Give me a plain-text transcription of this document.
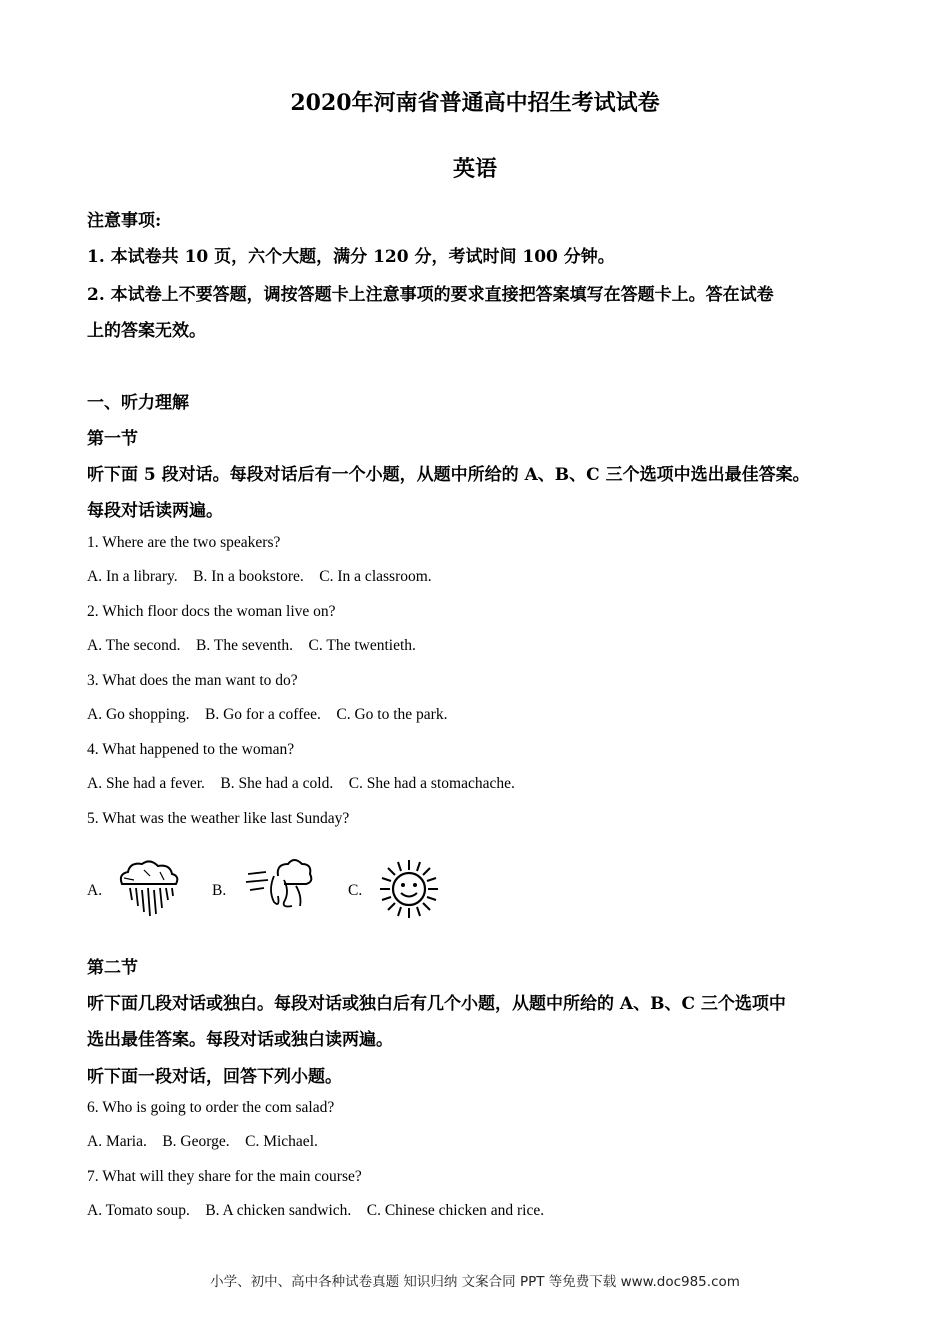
2020年河南省普通高中招生考试试卷
英语
注意事项:
1. 本试卷共 10 页，六个大题，满分 120 分，考试时间 100 分钟。
2. 本试卷上不要答题，调按答题卡上注意事项的要求直接把答案填写在答题卡上。答在试卷
上的答案无效。
一、听力理解
第一节
听下面 5 段对话。每段对话后有一个小题，从题中所给的 A、B、C 三个选项中选出最佳答案。
每段对话读两遍。
1. Where are the two speakers?
A. In a library.    B. In a bookstore.    C. In a classroom.
2. Which floor docs the woman live on?
A. The second.    B. The seventh.    C. The twentieth.
3. What does the man want to do?
A. Go shopping.    B. Go for a coffee.    C. Go to the park.
4. What happened to the woman?
A. She had a fever.    B. She had a cold.    C. She had a stomachache.
5. What was the weather like last Sunday?
A.	B.	C.
第二节
听下面几段对话或独白。每段对话或独白后有几个小题，从题中所给的 A、B、C 三个选项中
选出最佳答案。每段对话或独白读两遍。
听下面一段对话，回答下列小题。
6. Who is going to order the com salad?
A. Maria.    B. George.    C. Michael.
7. What will they share for the main course?
A. Tomato soup.    B. A chicken sandwich.    C. Chinese chicken and rice.
小学、初中、高中各种试卷真题 知识归纳 文案合同 PPT 等免费下载 www.doc985.com
